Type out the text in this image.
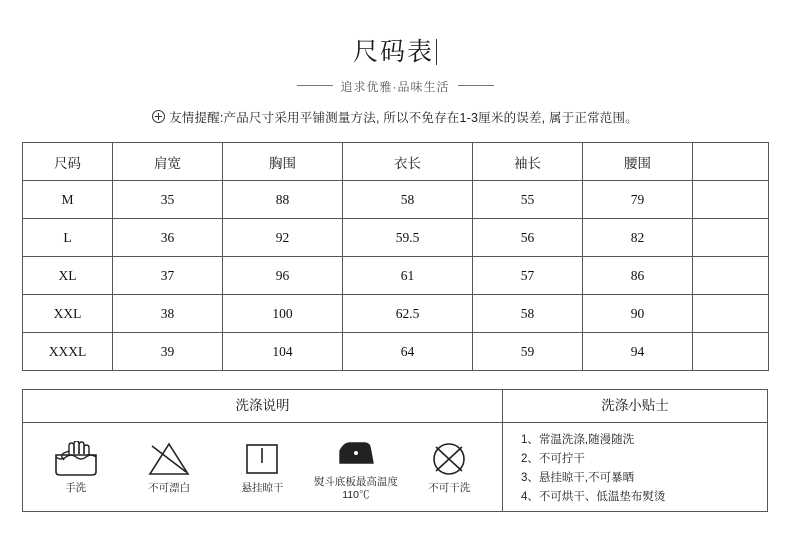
尺码表
追求优雅·品味生活
友情提醒:产品尺寸采用平铺测量方法, 所以不免存在1-3厘米的误差, 属于正常范围。
尺码	肩宽	胸围	衣长	袖长	腰围	
M	35	88	58	55	79	
L	36	92	59.5	56	82	
XL	37	96	61	57	86	
XXL	38	100	62.5	58	90	
XXXL	39	104	64	59	94	
洗涤说明
手洗	不可漂白	悬挂晾干
熨斗底板最高温度110℃
不可干洗
洗涤小贴士
1、常温洗涤,随漫随洗
2、不可拧干
3、悬挂晾干,不可暴晒
4、不可烘干、低温垫布熨烫
